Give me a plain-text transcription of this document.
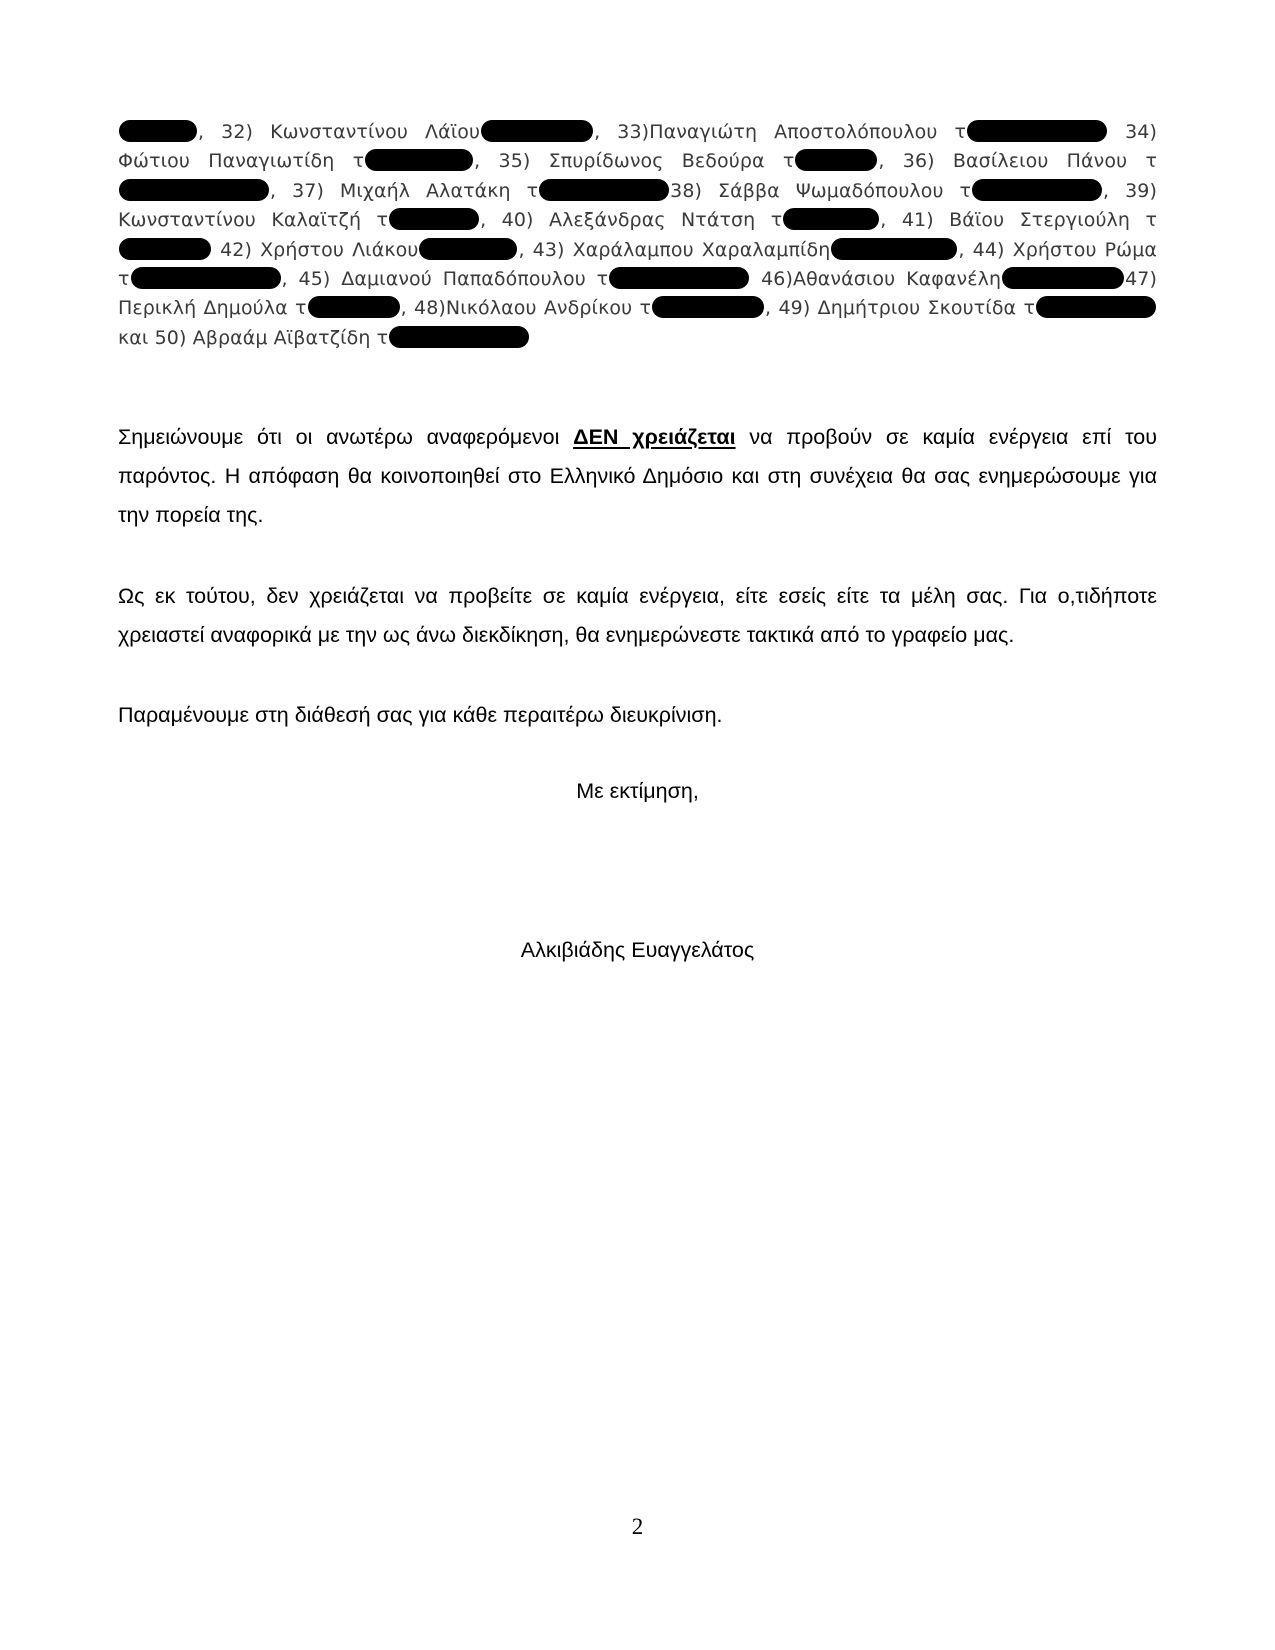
, 32) Κωνσταντίνου Λάϊου	, 33)Παναγιώτη Αποστολόπουλου τ	34) Φώτιου Παναγιωτίδη τ	, 35) Σπυρίδωνος Βεδούρα τ	, 36) Βασίλειου Πάνου τ, 37) Μιχαήλ Αλατάκη τ	38) Σάββα Ψωμαδόπουλου τ	, 39) Κωνσταντίνου Καλαϊτζή τ	, 40) Αλεξάνδρας Ντάτση τ	, 41) Βάϊου Στεργιούλη τ 42) Χρήστου Λιάκου	, 43) Χαράλαμπου Χαραλαμπίδη	, 44) Χρήστου Ρώμα τ	, 45) Δαμιανού Παπαδόπουλου τ	46)Αθανάσιου Καφανέλη	47) Περικλή Δημούλα τ	, 48)Νικόλαου Ανδρίκου τ	, 49) Δημήτριου Σκουτίδα τ και 50) Αβραάμ Αϊβατζίδη τ
Σημειώνουμε ότι οι ανωτέρω αναφερόμενοι ΔΕΝ χρειάζεται να προβούν σε καμία ενέργεια επί του παρόντος. Η απόφαση θα κοινοποιηθεί στο Ελληνικό Δημόσιο και στη συνέχεια θα σας ενημερώσουμε για την πορεία της.
Ως εκ τούτου, δεν χρειάζεται να προβείτε σε καμία ενέργεια, είτε εσείς είτε τα μέλη σας. Για ο,τιδήποτε χρειαστεί αναφορικά με την ως άνω διεκδίκηση, θα ενημερώνεστε τακτικά από το γραφείο μας.
Παραμένουμε στη διάθεσή σας για κάθε περαιτέρω διευκρίνιση.
Με εκτίμηση,
Αλκιβιάδης Ευαγγελάτος
2
